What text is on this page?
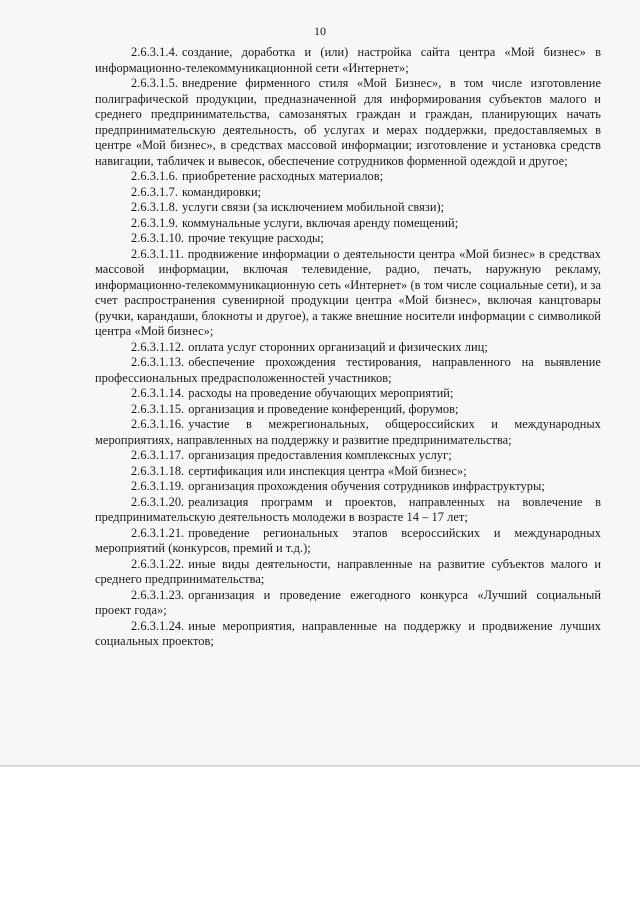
10

2.6.3.1.4. создание, доработка и (или) настройка сайта центра «Мой бизнес» в информационно-телекоммуникационной сети «Интернет»;

2.6.3.1.5. внедрение фирменного стиля «Мой Бизнес», в том числе изготовление полиграфической продукции, предназначенной для информирования субъектов малого и среднего предпринимательства, самозанятых граждан и граждан, планирующих начать предпринимательскую деятельность, об услугах и мерах поддержки, предоставляемых в центре «Мой бизнес», в средствах массовой информации; изготовление и установка средств навигации, табличек и вывесок, обеспечение сотрудников форменной одеждой и другое;

2.6.3.1.6. приобретение расходных материалов;

2.6.3.1.7. командировки;

2.6.3.1.8. услуги связи (за исключением мобильной связи);

2.6.3.1.9. коммунальные услуги, включая аренду помещений;

2.6.3.1.10. прочие текущие расходы;

2.6.3.1.11. продвижение информации о деятельности центра «Мой бизнес» в средствах массовой информации, включая телевидение, радио, печать, наружную рекламу, информационно-телекоммуникационную сеть «Интернет» (в том числе социальные сети), и за счет распространения сувенирной продукции центра «Мой бизнес», включая канцтовары (ручки, карандаши, блокноты и другое), а также внешние носители информации с символикой центра «Мой бизнес»;

2.6.3.1.12. оплата услуг сторонних организаций и физических лиц;

2.6.3.1.13. обеспечение прохождения тестирования, направленного на выявление профессиональных предрасположенностей участников;

2.6.3.1.14. расходы на проведение обучающих мероприятий;

2.6.3.1.15. организация и проведение конференций, форумов;

2.6.3.1.16. участие в межрегиональных, общероссийских и международных мероприятиях, направленных на поддержку и развитие предпринимательства;

2.6.3.1.17. организация предоставления комплексных услуг;

2.6.3.1.18. сертификация или инспекция центра «Мой бизнес»;

2.6.3.1.19. организация прохождения обучения сотрудников инфраструктуры;

2.6.3.1.20. реализация программ и проектов, направленных на вовлечение в предпринимательскую деятельность молодежи в возрасте 14 – 17 лет;

2.6.3.1.21. проведение региональных этапов всероссийских и международных мероприятий (конкурсов, премий и т.д.);

2.6.3.1.22. иные виды деятельности, направленные на развитие субъектов малого и среднего предпринимательства;

2.6.3.1.23. организация и проведение ежегодного конкурса «Лучший социальный проект года»;

2.6.3.1.24. иные мероприятия, направленные на поддержку и продвижение лучших социальных проектов;
